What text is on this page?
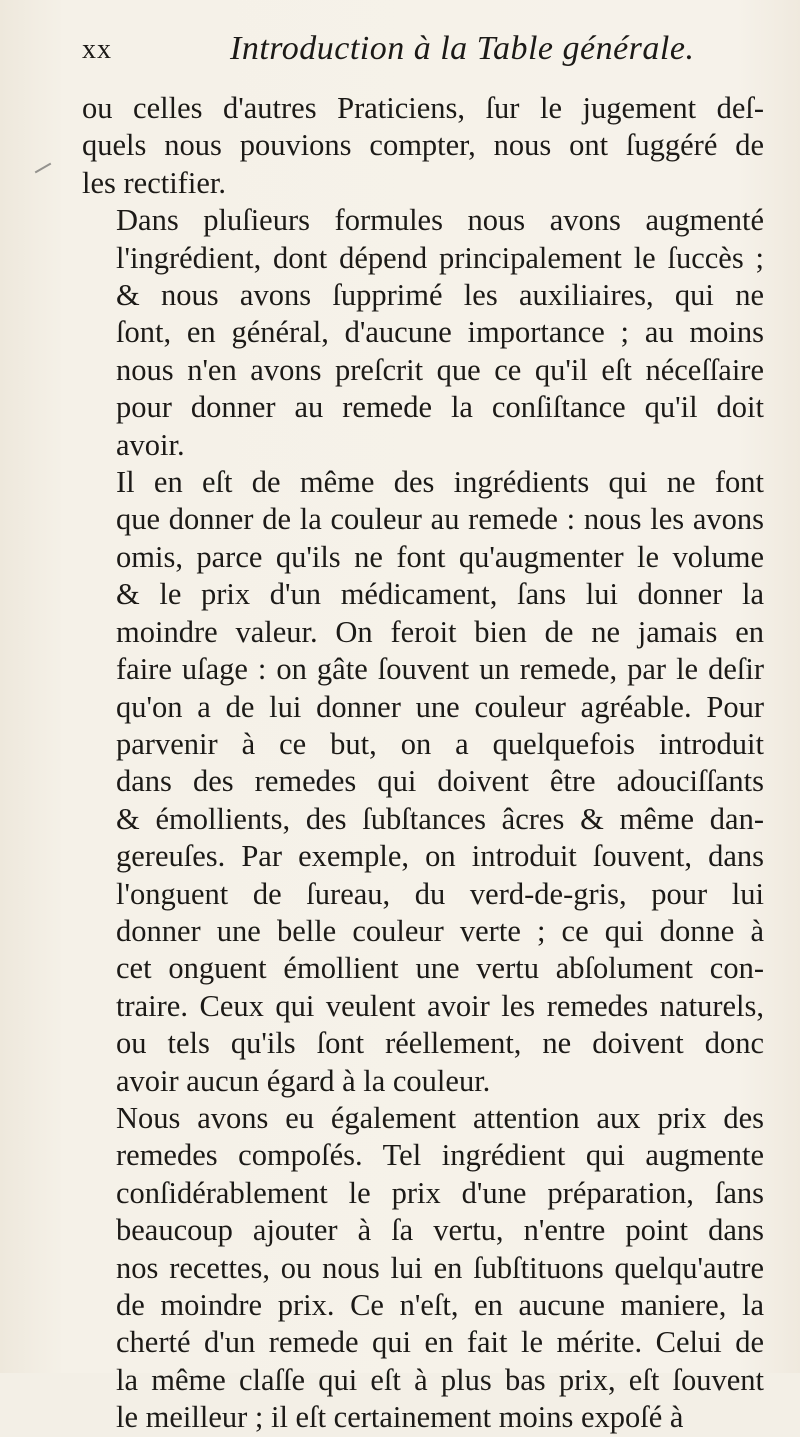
xx	Introduction à la Table générale.

ou celles d'autres Praticiens, ſur le jugement deſ-
quels nous pouvions compter, nous ont ſuggéré de
les rectifier.

Dans pluſieurs formules nous avons augmenté
l'ingrédient, dont dépend principalement le ſuccès ;
& nous avons ſupprimé les auxiliaires, qui ne
ſont, en général, d'aucune importance ; au moins
nous n'en avons preſcrit que ce qu'il eſt néceſſaire
pour donner au remede la conſiſtance qu'il doit
avoir.

Il en eſt de même des ingrédients qui ne font
que donner de la couleur au remede : nous les avons
omis, parce qu'ils ne font qu'augmenter le volume
& le prix d'un médicament, ſans lui donner la
moindre valeur. On feroit bien de ne jamais en
faire uſage : on gâte ſouvent un remede, par le deſir
qu'on a de lui donner une couleur agréable. Pour
parvenir à ce but, on a quelquefois introduit
dans des remedes qui doivent être adouciſſants
& émollients, des ſubſtances âcres & même dan-
gereuſes. Par exemple, on introduit ſouvent, dans
l'onguent de ſureau, du verd-de-gris, pour lui
donner une belle couleur verte ; ce qui donne à
cet onguent émollient une vertu abſolument con-
traire. Ceux qui veulent avoir les remedes naturels,
ou tels qu'ils ſont réellement, ne doivent donc
avoir aucun égard à la couleur.

Nous avons eu également attention aux prix des
remedes compoſés. Tel ingrédient qui augmente
conſidérablement le prix d'une préparation, ſans
beaucoup ajouter à ſa vertu, n'entre point dans
nos recettes, ou nous lui en ſubſtituons quelqu'autre
de moindre prix. Ce n'eſt, en aucune maniere, la
cherté d'un remede qui en fait le mérite. Celui de
la même claſſe qui eſt à plus bas prix, eſt ſouvent
le meilleur ; il eſt certainement moins expoſé à
